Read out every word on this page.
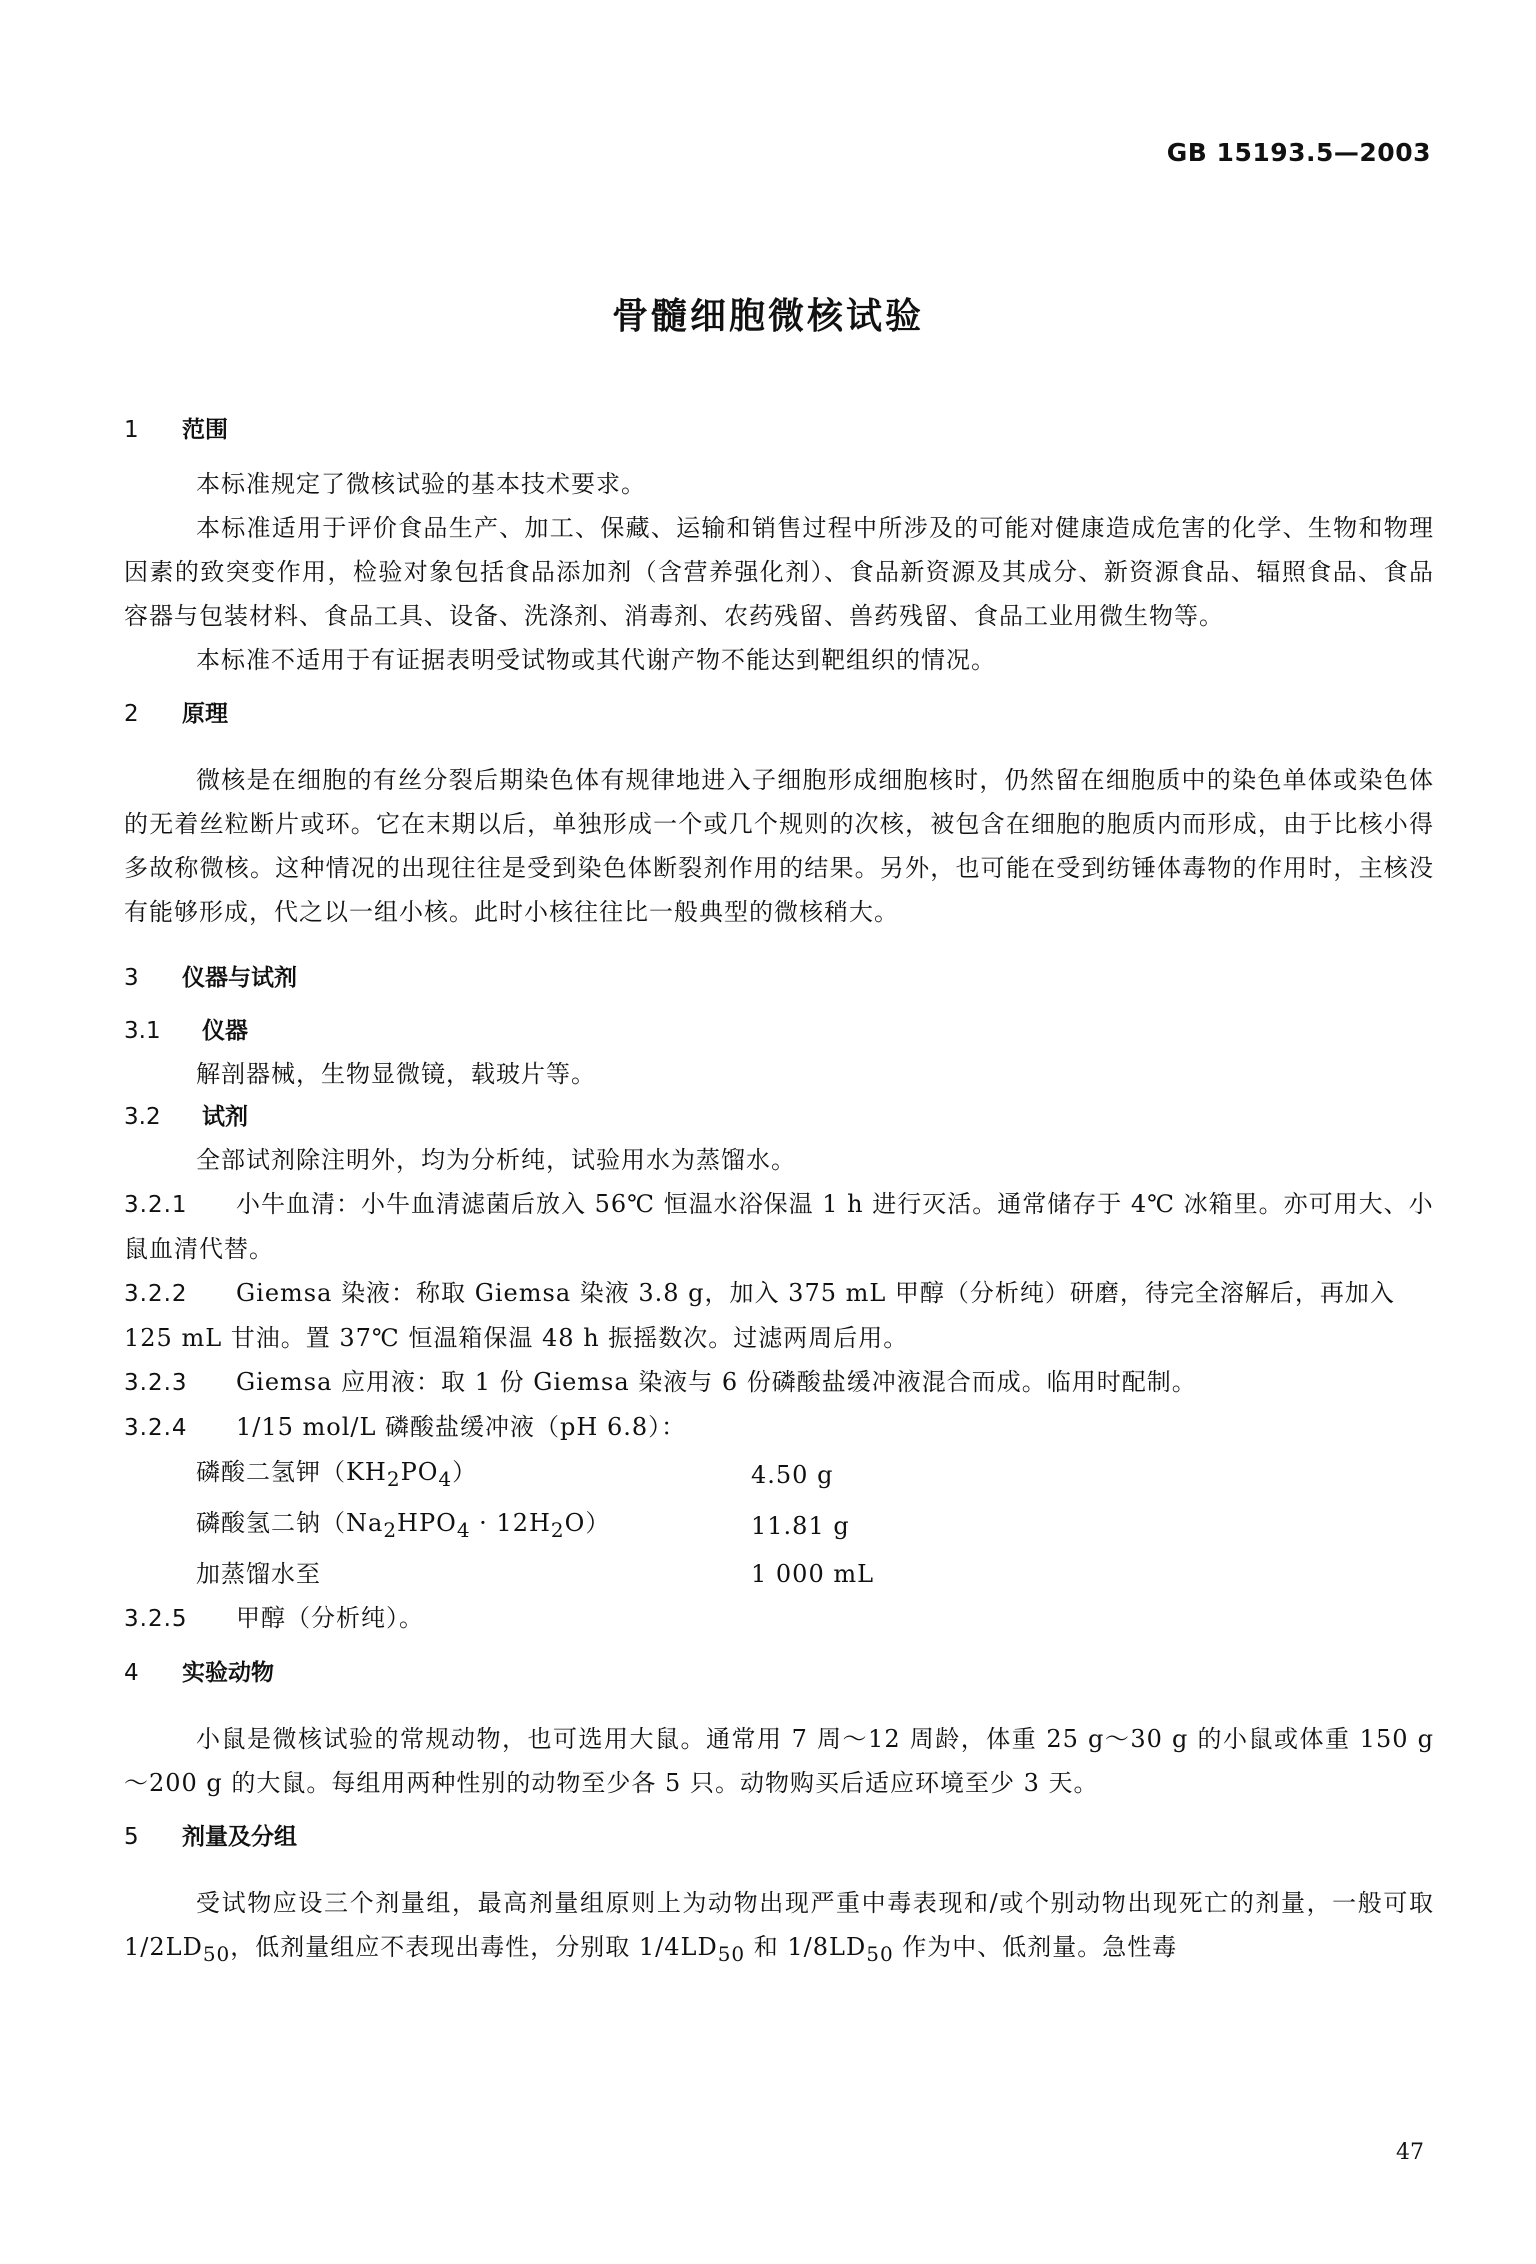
GB 15193.5—2003
骨髓细胞微核试验
1 范围

本标准规定了微核试验的基本技术要求。

本标准适用于评价食品生产、加工、保藏、运输和销售过程中所涉及的可能对健康造成危害的化学、生物和物理因素的致突变作用，检验对象包括食品添加剂（含营养强化剂）、食品新资源及其成分、新资源食品、辐照食品、食品容器与包装材料、食品工具、设备、洗涤剂、消毒剂、农药残留、兽药残留、食品工业用微生物等。

本标准不适用于有证据表明受试物或其代谢产物不能达到靶组织的情况。

2 原理

微核是在细胞的有丝分裂后期染色体有规律地进入子细胞形成细胞核时，仍然留在细胞质中的染色单体或染色体的无着丝粒断片或环。它在末期以后，单独形成一个或几个规则的次核，被包含在细胞的胞质内而形成，由于比核小得多故称微核。这种情况的出现往往是受到染色体断裂剂作用的结果。另外，也可能在受到纺锤体毒物的作用时，主核没有能够形成，代之以一组小核。此时小核往往比一般典型的微核稍大。

3 仪器与试剂
3.1 仪器

解剖器械，生物显微镜，载玻片等。

3.2 试剂

全部试剂除注明外，均为分析纯，试验用水为蒸馏水。

3.2.1 小牛血清：小牛血清滤菌后放入 56℃ 恒温水浴保温 1 h 进行灭活。通常储存于 4℃ 冰箱里。亦可用大、小鼠血清代替。
3.2.2 Giemsa 染液：称取 Giemsa 染液 3.8 g，加入 375 mL 甲醇（分析纯）研磨，待完全溶解后，再加入 125 mL 甘油。置 37℃ 恒温箱保温 48 h 振摇数次。过滤两周后用。
3.2.3 Giemsa 应用液：取 1 份 Giemsa 染液与 6 份磷酸盐缓冲液混合而成。临用时配制。
3.2.4 1/15 mol/L 磷酸盐缓冲液（pH 6.8）：
磷酸二氢钾$(KH_2PO_4)$	4.50 g
磷酸氢二钠$(Na_2HPO_4 \cdot 12H_2O)$	11.81 g
加蒸馏水至	1 000 mL
3.2.5 甲醇（分析纯）。
4 实验动物

小鼠是微核试验的常规动物，也可选用大鼠。通常用 7 周～12 周龄，体重 25 g～30 g 的小鼠或体重 150 g～200 g 的大鼠。每组用两种性别的动物至少各 5 只。动物购买后适应环境至少 3 天。

5 剂量及分组

受试物应设三个剂量组，最高剂量组原则上为动物出现严重中毒表现和/或个别动物出现死亡的剂量，一般可取 $1/2LD_{50}$，低剂量组应不表现出毒性，分别取 $1/4LD_{50}$ 和 $1/8LD_{50}$ 作为中、低剂量。急性毒

47
